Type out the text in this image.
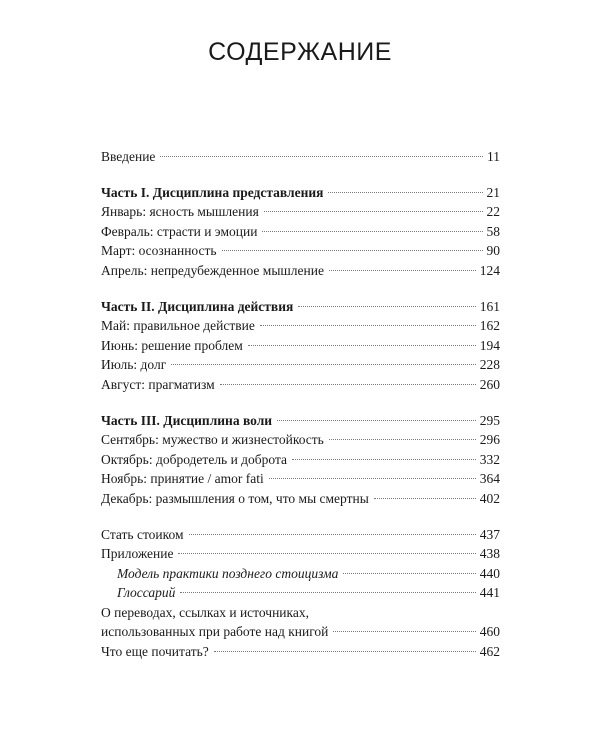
СОДЕРЖАНИЕ
Введение	11
Часть I. Дисциплина представления	21
Январь: ясность мышления	22
Февраль: страсти и эмоции	58
Март: осознанность	90
Апрель: непредубежденное мышление	124
Часть II. Дисциплина действия	161
Май: правильное действие	162
Июнь: решение проблем	194
Июль: долг	228
Август: прагматизм	260
Часть III. Дисциплина воли	295
Сентябрь: мужество и жизнестойкость	296
Октябрь: добродетель и доброта	332
Ноябрь: принятие / amor fati	364
Декабрь: размышления о том, что мы смертны	402
Стать стоиком	437
Приложение	438
Модель практики позднего стоицизма	440
Глоссарий	441
О переводах, ссылках и источниках,
использованных при работе над книгой	460
Что еще почитать?	462
